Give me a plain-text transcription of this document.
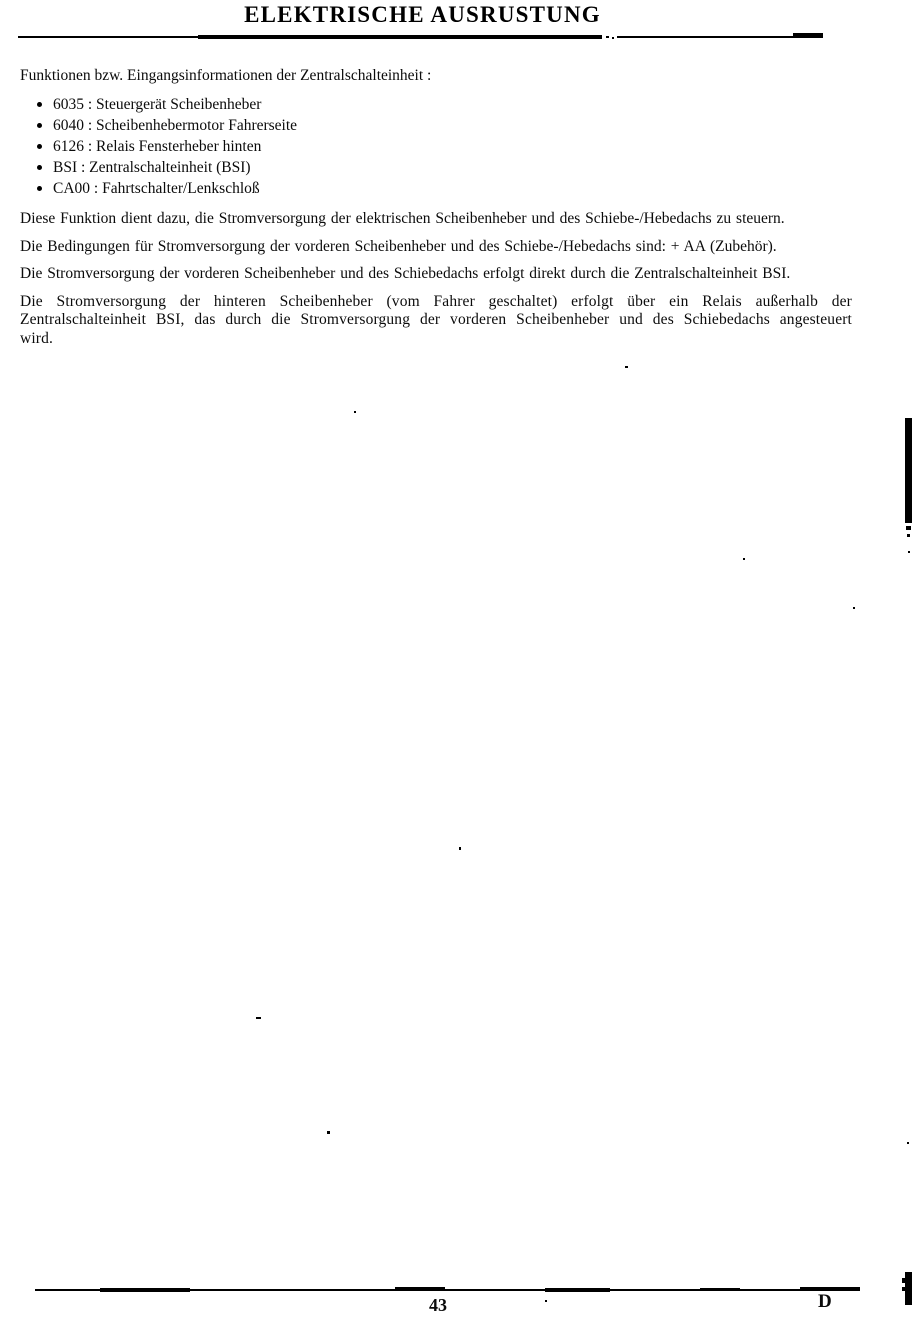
ELEKTRISCHE AUSRUSTUNG

Funktionen bzw. Eingangsinformationen der Zentralschalteinheit :

6035 : Steuergerät Scheibenheber
6040 : Scheibenhebermotor Fahrerseite
6126 : Relais Fensterheber hinten
BSI : Zentralschalteinheit (BSI)
CA00 : Fahrtschalter/Lenkschloß

Diese Funktion dient dazu, die Stromversorgung der elektrischen Scheibenheber und des Schiebe-/Hebedachs zu steuern.

Die Bedingungen für Stromversorgung der vorderen Scheibenheber und des Schiebe-/Hebedachs sind: + AA (Zubehör).

Die Stromversorgung der vorderen Scheibenheber und des Schiebedachs erfolgt direkt durch die Zentralschalteinheit BSI.

Die Stromversorgung der hinteren Scheibenheber (vom Fahrer geschaltet) erfolgt über ein Relais außerhalb der Zentralschalteinheit BSI, das durch die Stromversorgung der vorderen Scheibenheber und des Schiebedachs angesteuert wird.

43	D
